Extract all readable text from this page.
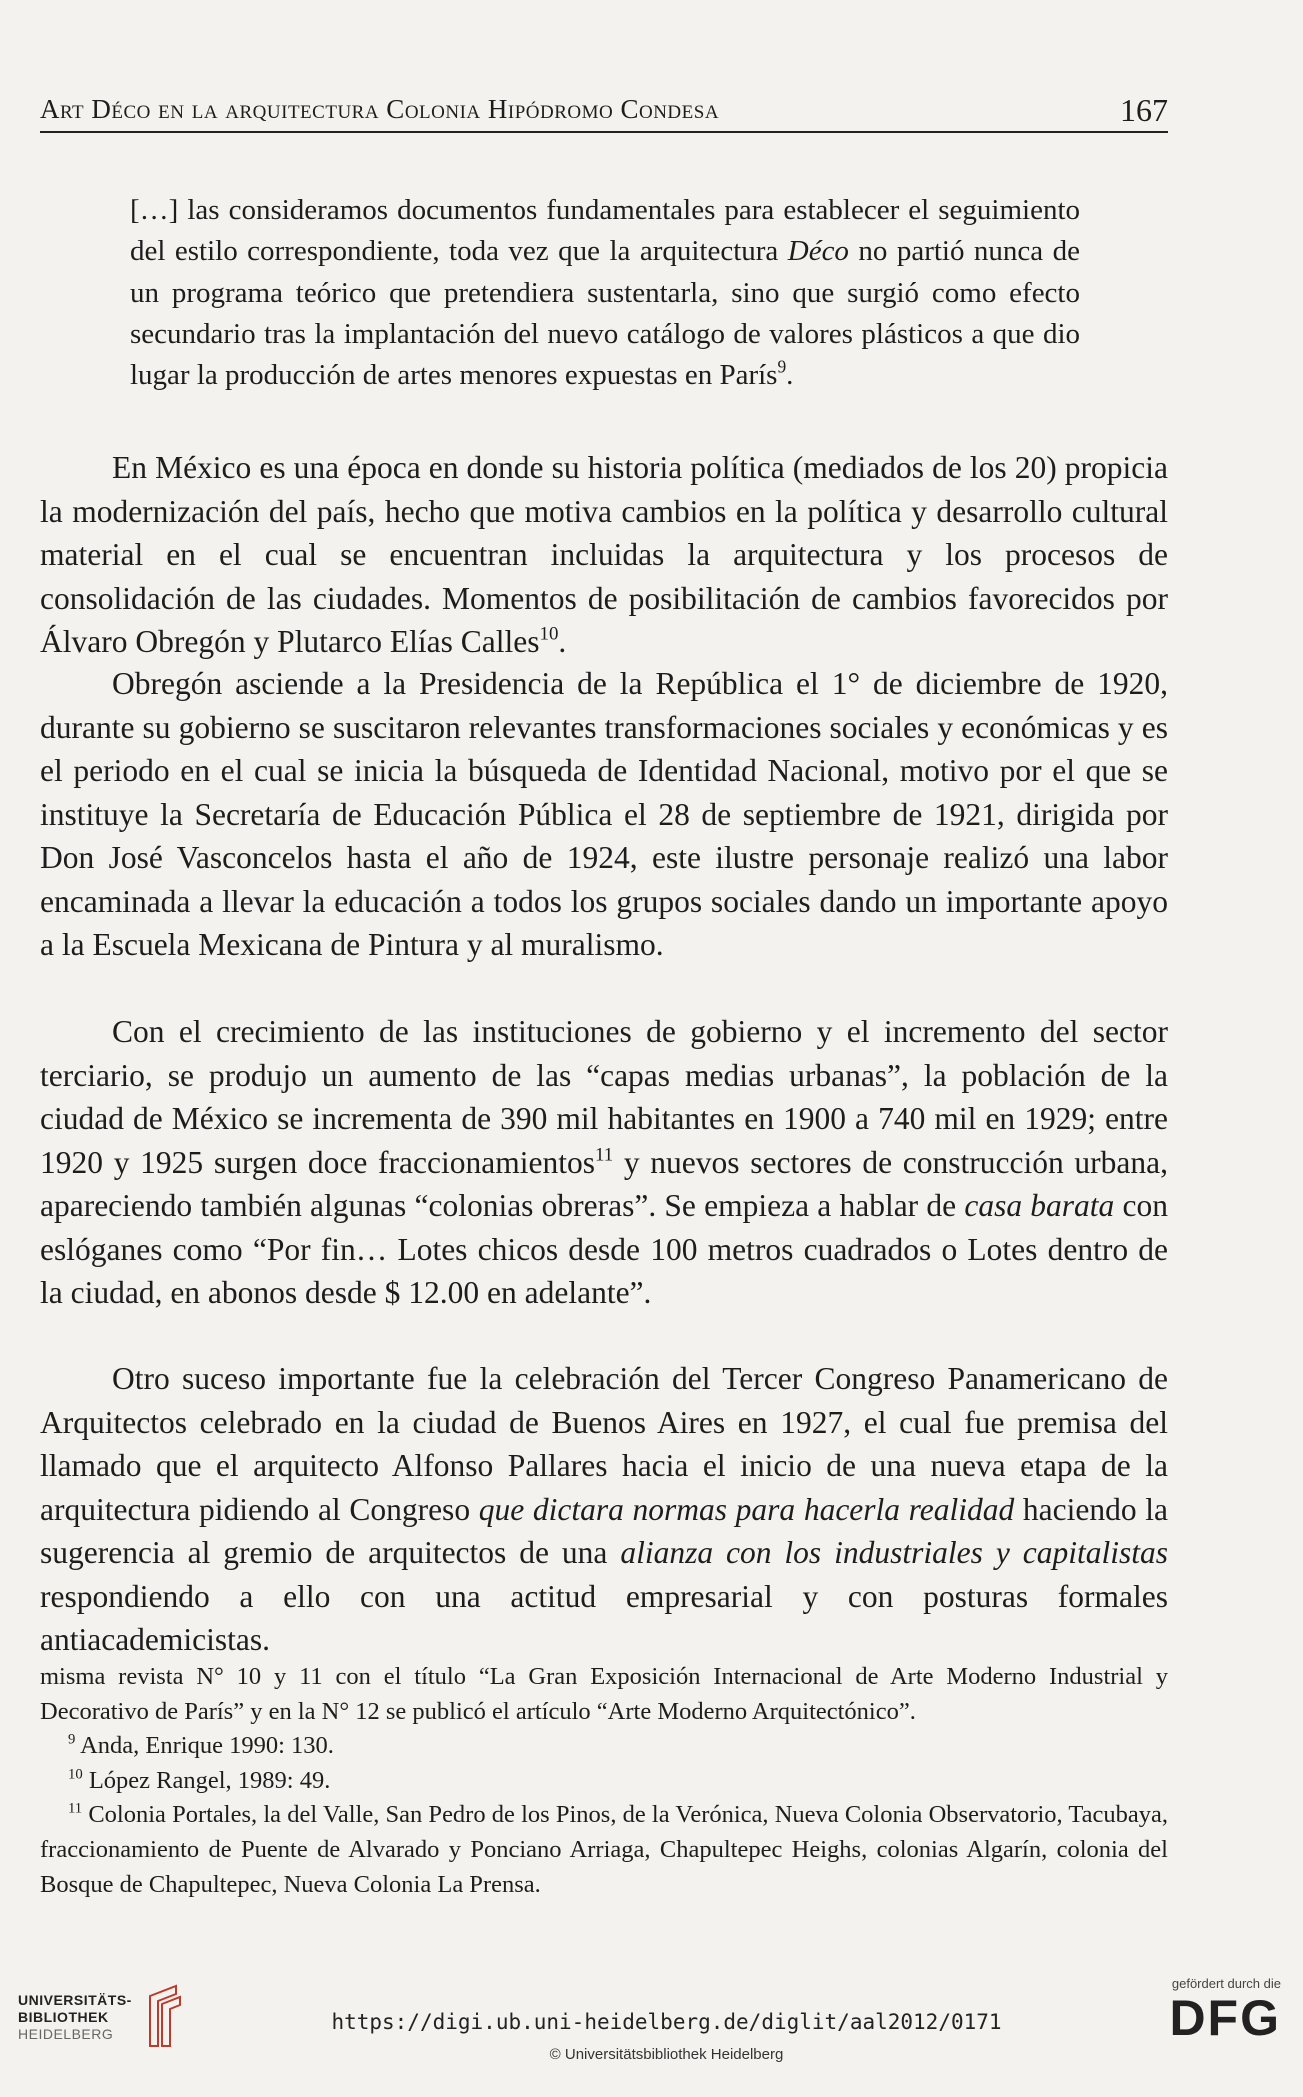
Art Déco en la arquitectura Colonia Hipódromo Condesa	167
[…] las consideramos documentos fundamentales para establecer el seguimiento del estilo correspondiente, toda vez que la arquitectura Déco no partió nunca de un programa teórico que pretendiera sustentarla, sino que surgió como efecto secundario tras la implantación del nuevo catálogo de valores plásticos a que dio lugar la producción de artes menores expuestas en París$^9$.

En México es una época en donde su historia política (mediados de los 20) propicia la modernización del país, hecho que motiva cambios en la política y desarrollo cultural material en el cual se encuentran incluidas la arquitectura y los procesos de consolidación de las ciudades. Momentos de posibilitación de cambios favorecidos por Álvaro Obregón y Plutarco Elías Calles$^{10}$.

Obregón asciende a la Presidencia de la República el 1° de diciembre de 1920, durante su gobierno se suscitaron relevantes transformaciones sociales y económicas y es el periodo en el cual se inicia la búsqueda de Identidad Nacional, motivo por el que se instituye la Secretaría de Educación Pública el 28 de septiembre de 1921, dirigida por Don José Vasconcelos hasta el año de 1924, este ilustre personaje realizó una labor encaminada a llevar la educación a todos los grupos sociales dando un importante apoyo a la Escuela Mexicana de Pintura y al muralismo.

Con el crecimiento de las instituciones de gobierno y el incremento del sector terciario, se produjo un aumento de las “capas medias urbanas”, la población de la ciudad de México se incrementa de 390 mil habitantes en 1900 a 740 mil en 1929; entre 1920 y 1925 surgen doce fraccionamientos$^{11}$ y nuevos sectores de construcción urbana, apareciendo también algunas “colonias obreras”. Se empieza a hablar de casa barata con eslóganes como “Por fin… Lotes chicos desde 100 metros cuadrados o Lotes dentro de la ciudad, en abonos desde $ 12.00 en adelante”.

Otro suceso importante fue la celebración del Tercer Congreso Panamericano de Arquitectos celebrado en la ciudad de Buenos Aires en 1927, el cual fue premisa del llamado que el arquitecto Alfonso Pallares hacia el inicio de una nueva etapa de la arquitectura pidiendo al Congreso que dictara normas para hacerla realidad haciendo la sugerencia al gremio de arquitectos de una alianza con los industriales y capitalistas respondiendo a ello con una actitud empresarial y con posturas formales antiacademicistas.

misma revista N° 10 y 11 con el título “La Gran Exposición Internacional de Arte Moderno Industrial y Decorativo de París” y en la N° 12 se publicó el artículo “Arte Moderno Arquitectónico”.

$^9$ Anda, Enrique 1990: 130.

$^{10}$ López Rangel, 1989: 49.

$^{11}$ Colonia Portales, la del Valle, San Pedro de los Pinos, de la Verónica, Nueva Colonia Observatorio, Tacubaya, fraccionamiento de Puente de Alvarado y Ponciano Arriaga, Chapultepec Heighs, colonias Algarín, colonia del Bosque de Chapultepec, Nueva Colonia La Prensa.

UNIVERSITÄTS-
BIBLIOTHEK
HEIDELBERG	https://digi.ub.uni-heidelberg.de/diglit/aal2012/0171
© Universitätsbibliothek Heidelberg
gefördert durch die
DFG
